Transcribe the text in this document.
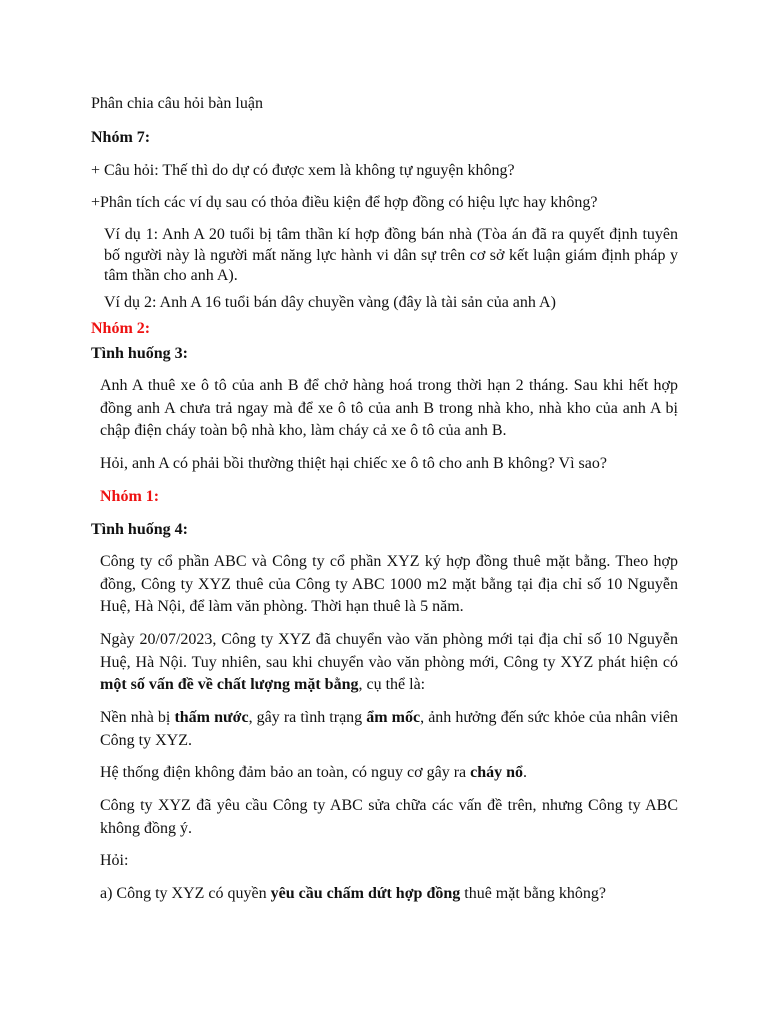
Phân chia câu hỏi bàn luận
Nhóm 7:
+ Câu hỏi: Thế thì do dự có được xem là không tự nguyện không?
+Phân tích các ví dụ sau có thỏa điều kiện để hợp đồng có hiệu lực hay không?
Ví dụ 1: Anh A 20 tuổi bị tâm thần kí hợp đồng bán nhà (Tòa án đã ra quyết định tuyên bố người này là người mất năng lực hành vi dân sự trên cơ sở kết luận giám định pháp y tâm thần cho anh A).
Ví dụ 2: Anh A 16 tuổi bán dây chuyền vàng (đây là tài sản của anh A)
Nhóm 2:
Tình huống 3:
Anh A thuê xe ô tô của anh B để chở hàng hoá trong thời hạn 2 tháng. Sau khi hết hợp đồng anh A chưa trả ngay mà để xe ô tô của anh B trong nhà kho, nhà kho của anh A bị chập điện cháy toàn bộ nhà kho, làm cháy cả xe ô tô của anh B.
Hỏi, anh A có phải bồi thường thiệt hại chiếc xe ô tô cho anh B không? Vì sao?
Nhóm 1:
Tình huống 4:
Công ty cổ phần ABC và Công ty cổ phần XYZ ký hợp đồng thuê mặt bằng. Theo hợp đồng, Công ty XYZ thuê của Công ty ABC 1000 m2 mặt bằng tại địa chỉ số 10 Nguyễn Huệ, Hà Nội, để làm văn phòng. Thời hạn thuê là 5 năm.
Ngày 20/07/2023, Công ty XYZ đã chuyển vào văn phòng mới tại địa chỉ số 10 Nguyễn Huệ, Hà Nội. Tuy nhiên, sau khi chuyển vào văn phòng mới, Công ty XYZ phát hiện có một số vấn đề về chất lượng mặt bằng, cụ thể là:
Nền nhà bị thấm nước, gây ra tình trạng ẩm mốc, ảnh hưởng đến sức khỏe của nhân viên Công ty XYZ.
Hệ thống điện không đảm bảo an toàn, có nguy cơ gây ra cháy nổ.
Công ty XYZ đã yêu cầu Công ty ABC sửa chữa các vấn đề trên, nhưng Công ty ABC không đồng ý.
Hỏi:
a) Công ty XYZ có quyền yêu cầu chấm dứt hợp đồng thuê mặt bằng không?
